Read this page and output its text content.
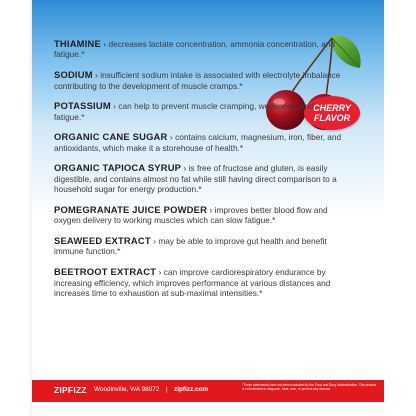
CHERRY
FLAVOR
THIAMINE › decreases lactate concentration, ammonia concentration, and fatigue.*
SODIUM › insufficient sodium intake is associated with electrolyte imbalance contributing to the development of muscle cramps.*
POTASSIUM › can help to prevent muscle cramping, weakness, and fatigue.*
ORGANIC CANE SUGAR › contains calcium, magnesium, iron, fiber, and antioxidants, which make it a storehouse of health.*
ORGANIC TAPIOCA SYRUP › is free of fructose and gluten, is easily digestible, and contains almost no fat while still having direct comparison to a household sugar for energy production.*
POMEGRANATE JUICE POWDER › improves better blood flow and oxygen delivery to working muscles which can slow fatigue.*
SEAWEED EXTRACT › may be able to improve gut health and benefit immune function.*
BEETROOT EXTRACT › can improve cardiorespiratory endurance by increasing efficiency, which improves performance at various distances and increases time to exhaustion at sub-maximal intensities.*
ZIPFIZZ Woodinville, WA 98072 | zipfizz.com
*These statements have not been evaluated by the Food and Drug Administration. This product is not intended to diagnose, treat, cure, or prevent any disease.
